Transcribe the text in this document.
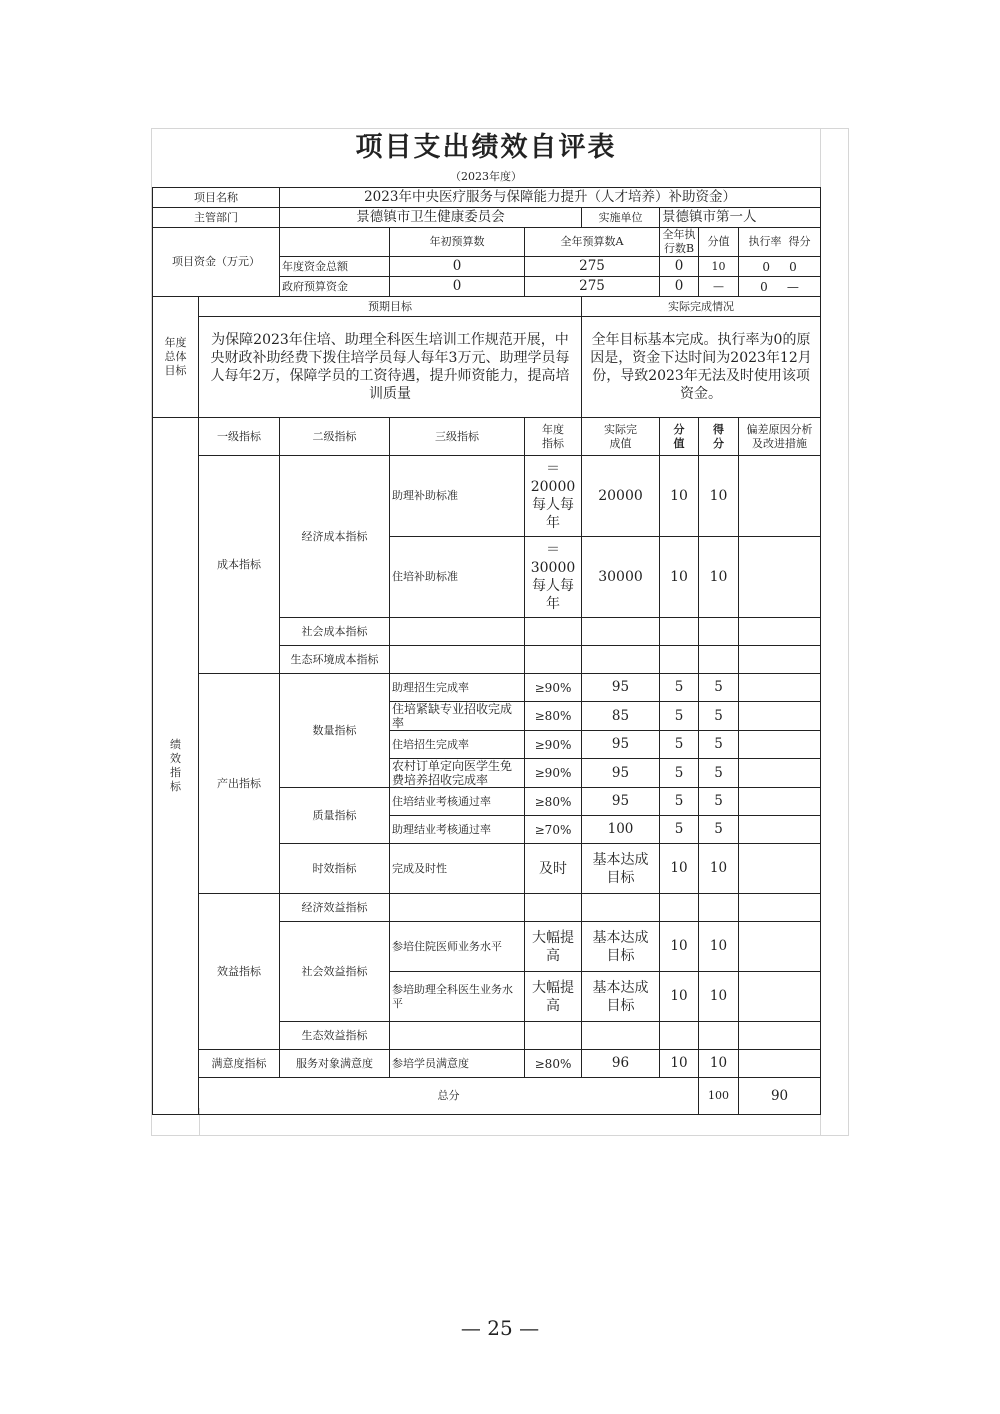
项目支出绩效自评表
（2023年度）
项目名称		2023年中央医疗服务与保障能力提升（人才培养）补助资金）							
主管部门		景德镇市卫生健康委员会			实施单位	景德镇市第一人			
项目资金（万元）			年初预算数	全年预算数A		全年执行数B	分值	执行率 得分	
		年度资金总额	0	275		0	10	0 0	
		政府预算资金	0	275		0	—	0 —	

年度总体目标	预期目标				实际完成情况				
	为保障2023年住培、助理全科医生培训工作规范开展，中央财政补助经费下拨住培学员每人每年3万元、助理学员每人每年2万，保障学员的工资待遇，提升师资能力，提高培训质量				全年目标基本完成。执行率为0的原因是，资金下达时间为2023年12月份，导致2023年无法及时使用该项资金。				

绩效指标	一级指标	二级指标	三级指标	年度指标	实际完成值	分值	得分	偏差原因分析及改进措施	

	成本指标	经济成本指标	助理补助标准	＝20000每人每年	20000	10	10		
			住培补助标准	＝30000每人每年	30000	10	10		
		社会成本指标							
		生态环境成本指标							
	产出指标	数量指标	助理招生完成率	≥90%	95	5	5		
			住培紧缺专业招收完成率	≥80%	85	5	5		
			住培招生完成率	≥90%	95	5	5		
			农村订单定向医学生免费培养招收完成率	≥90%	95	5	5		
		质量指标	住培结业考核通过率	≥80%	95	5	5		
			助理结业考核通过率	≥70%	100	5	5		
		时效指标	完成及时性	及时	基本达成目标	10	10		
	效益指标	经济效益指标							
		社会效益指标	参培住院医师业务水平	大幅提高	基本达成目标	10	10		
			参培助理全科医生业务水平	大幅提高	基本达成目标	10	10		
		生态效益指标							
	满意度指标	服务对象满意度	参培学员满意度	≥80%	96	10	10		
	总分						100	90	
— 25 —
